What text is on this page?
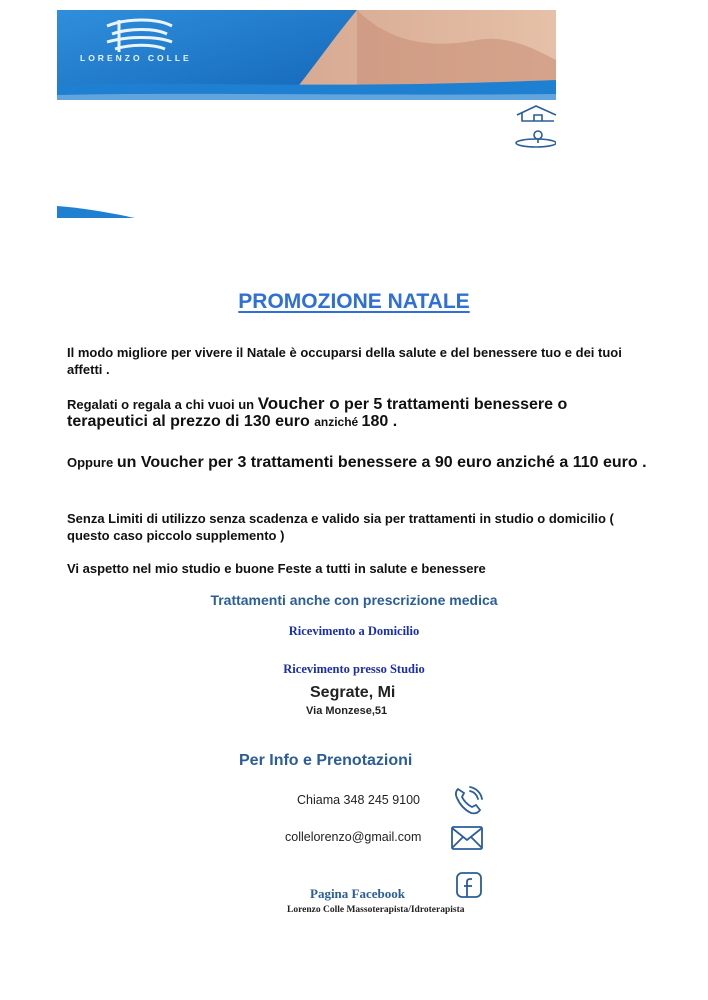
LORENZO COLLE
PROMOZIONE NATALE
Il modo migliore per vivere il Natale è occuparsi della salute e del benessere tuo e dei tuoi affetti .
Regalati o regala a chi vuoi un Voucher o per 5 trattamenti benessere o terapeutici al prezzo di 130 euro anziché 180 .
Oppure un Voucher per 3 trattamenti benessere a 90 euro anziché a 110 euro .
Senza Limiti di utilizzo senza scadenza e valido sia per trattamenti in studio o domicilio ( questo caso piccolo supplemento )
Vi aspetto nel mio studio e buone Feste a tutti in salute e benessere
Trattamenti anche con prescrizione medica
Ricevimento a Domicilio
Ricevimento presso Studio
Segrate, Mi
Via Monzese,51
Per Info e Prenotazioni
Chiama 348 245 9100
collelorenzo@gmail.com
Pagina Facebook
Lorenzo Colle Massoterapista/Idroterapista
